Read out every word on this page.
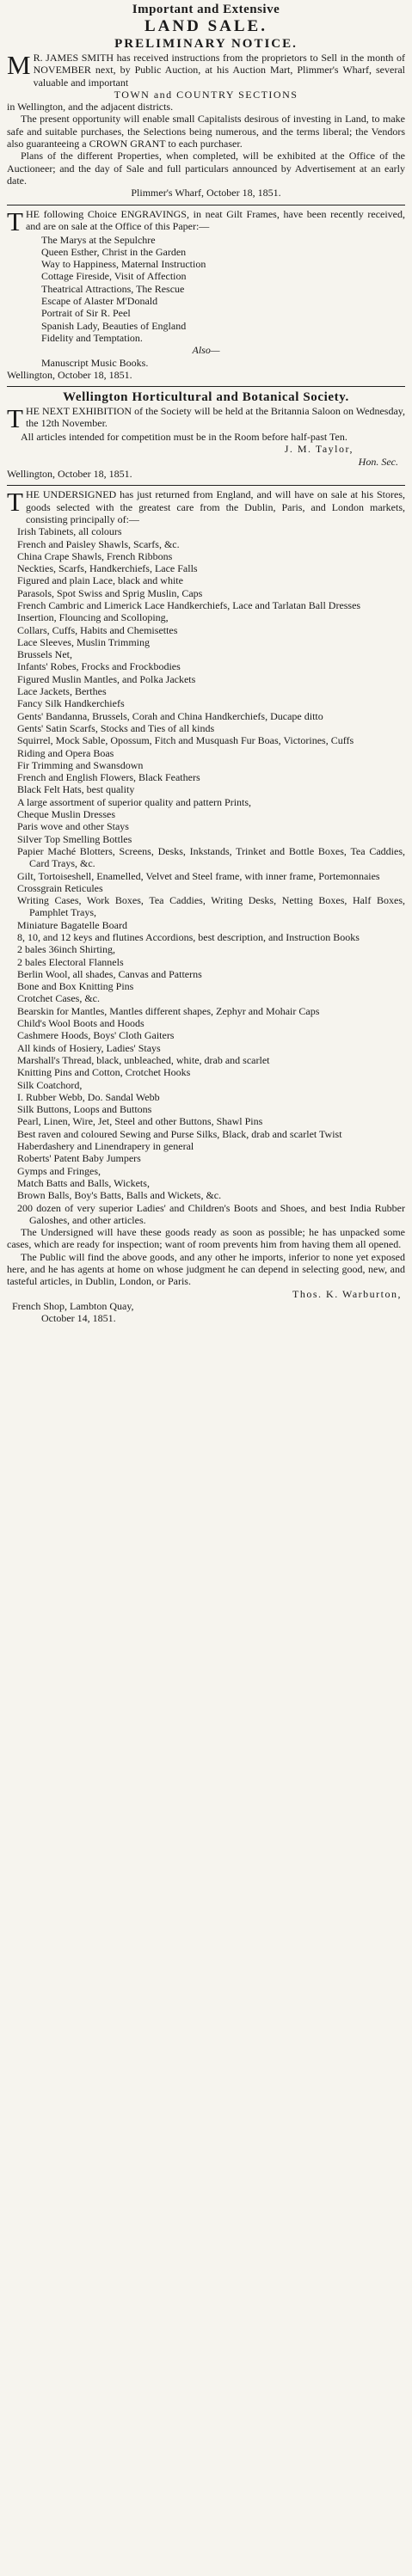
Important and Extensive
LAND SALE.
PRELIMINARY NOTICE.
M R. JAMES SMITH has received instructions from the proprietors to Sell in the month of NOVEMBER next, by Public Auction, at his Auction Mart, Plimmer's Wharf, several valuable and important

TOWN and COUNTRY SECTIONS

in Wellington, and the adjacent districts.

The present opportunity will enable small Capitalists desirous of investing in Land, to make safe and suitable purchases, the Selections being numerous, and the terms liberal; the Vendors also guaranteeing a CROWN GRANT to each purchaser.

Plans of the different Properties, when completed, will be exhibited at the Office of the Auctioneer; and the day of Sale and full particulars announced by Advertisement at an early date.

Plimmer's Wharf, October 18, 1851.
T HE following Choice ENGRAVINGS, in neat Gilt Frames, have been recently received, and are on sale at the Office of this Paper:—

The Marys at the Sepulchre
Queen Esther, Christ in the Garden
Way to Happiness, Maternal Instruction
Cottage Fireside, Visit of Affection
Theatrical Attractions, The Rescue
Escape of Alaster M'Donald
Portrait of Sir R. Peel
Spanish Lady, Beauties of England
Fidelity and Temptation.
Also—
Manuscript Music Books.
Wellington, October 18, 1851.
Wellington Horticultural and Botanical Society.
T HE NEXT EXHIBITION of the Society will be held at the Britannia Saloon on Wednesday, the 12th November.

All articles intended for competition must be in the Room before half-past Ten.

J. M. Taylor,
Hon. Sec.
Wellington, October 18, 1851.
T HE UNDERSIGNED has just returned from England, and will have on sale at his Stores, goods selected with the greatest care from the Dublin, Paris, and London markets, consisting principally of:—

Irish Tabinets, all colours
French and Paisley Shawls, Scarfs, &c.
China Crape Shawls, French Ribbons
Neckties, Scarfs, Handkerchiefs, Lace Falls
Figured and plain Lace, black and white
Parasols, Spot Swiss and Sprig Muslin, Caps
French Cambric and Limerick Lace Handkerchiefs, Lace and Tarlatan Ball Dresses
Insertion, Flouncing and Scolloping,
Collars, Cuffs, Habits and Chemisettes
Lace Sleeves, Muslin Trimming
Brussels Net,
Infants' Robes, Frocks and Frockbodies
Figured Muslin Mantles, and Polka Jackets
Lace Jackets, Berthes
Fancy Silk Handkerchiefs
Gents' Bandanna, Brussels, Corah and China Handkerchiefs, Ducape ditto
Gents' Satin Scarfs, Stocks and Ties of all kinds
Squirrel, Mock Sable, Opossum, Fitch and Musquash Fur Boas, Victorines, Cuffs
Riding and Opera Boas
Fir Trimming and Swansdown
French and English Flowers, Black Feathers
Black Felt Hats, best quality
A large assortment of superior quality and pattern Prints,
Cheque Muslin Dresses
Paris wove and other Stays
Silver Top Smelling Bottles
Papier Maché Blotters, Screens, Desks, Inkstands, Trinket and Bottle Boxes, Tea Caddies, Card Trays, &c.
Gilt, Tortoiseshell, Enamelled, Velvet and Steel frame, with inner frame, Portemonnaies
Crossgrain Reticules
Writing Cases, Work Boxes, Tea Caddies, Writing Desks, Netting Boxes, Half Boxes, Pamphlet Trays,
Miniature Bagatelle Board
8, 10, and 12 keys and flutines Accordions, best description, and Instruction Books
2 bales 36inch Shirting,
2 bales Electoral Flannels
Berlin Wool, all shades, Canvas and Patterns
Bone and Box Knitting Pins
Crotchet Cases, &c.
Bearskin for Mantles, Mantles different shapes, Zephyr and Mohair Caps
Child's Wool Boots and Hoods
Cashmere Hoods, Boys' Cloth Gaiters
All kinds of Hosiery, Ladies' Stays
Marshall's Thread, black, unbleached, white, drab and scarlet
Knitting Pins and Cotton, Crotchet Hooks
Silk Coatchord,
I. Rubber Webb, Do. Sandal Webb
Silk Buttons, Loops and Buttons
Pearl, Linen, Wire, Jet, Steel and other Buttons, Shawl Pins
Best raven and coloured Sewing and Purse Silks, Black, drab and scarlet Twist
Haberdashery and Linendrapery in general
Roberts' Patent Baby Jumpers
Gymps and Fringes,
Match Batts and Balls, Wickets,
Brown Balls, Boy's Batts, Balls and Wickets, &c.
200 dozen of very superior Ladies' and Children's Boots and Shoes, and best India Rubber Galoshes, and other articles.

The Undersigned will have these goods ready as soon as possible; he has unpacked some cases, which are ready for inspection; want of room prevents him from having them all opened.

The Public will find the above goods, and any other he imports, inferior to none yet exposed here, and he has agents at home on whose judgment he can depend in selecting good, new, and tasteful articles, in Dublin, London, or Paris.

Thos. K. Warburton,
French Shop, Lambton Quay,
October 14, 1851.
